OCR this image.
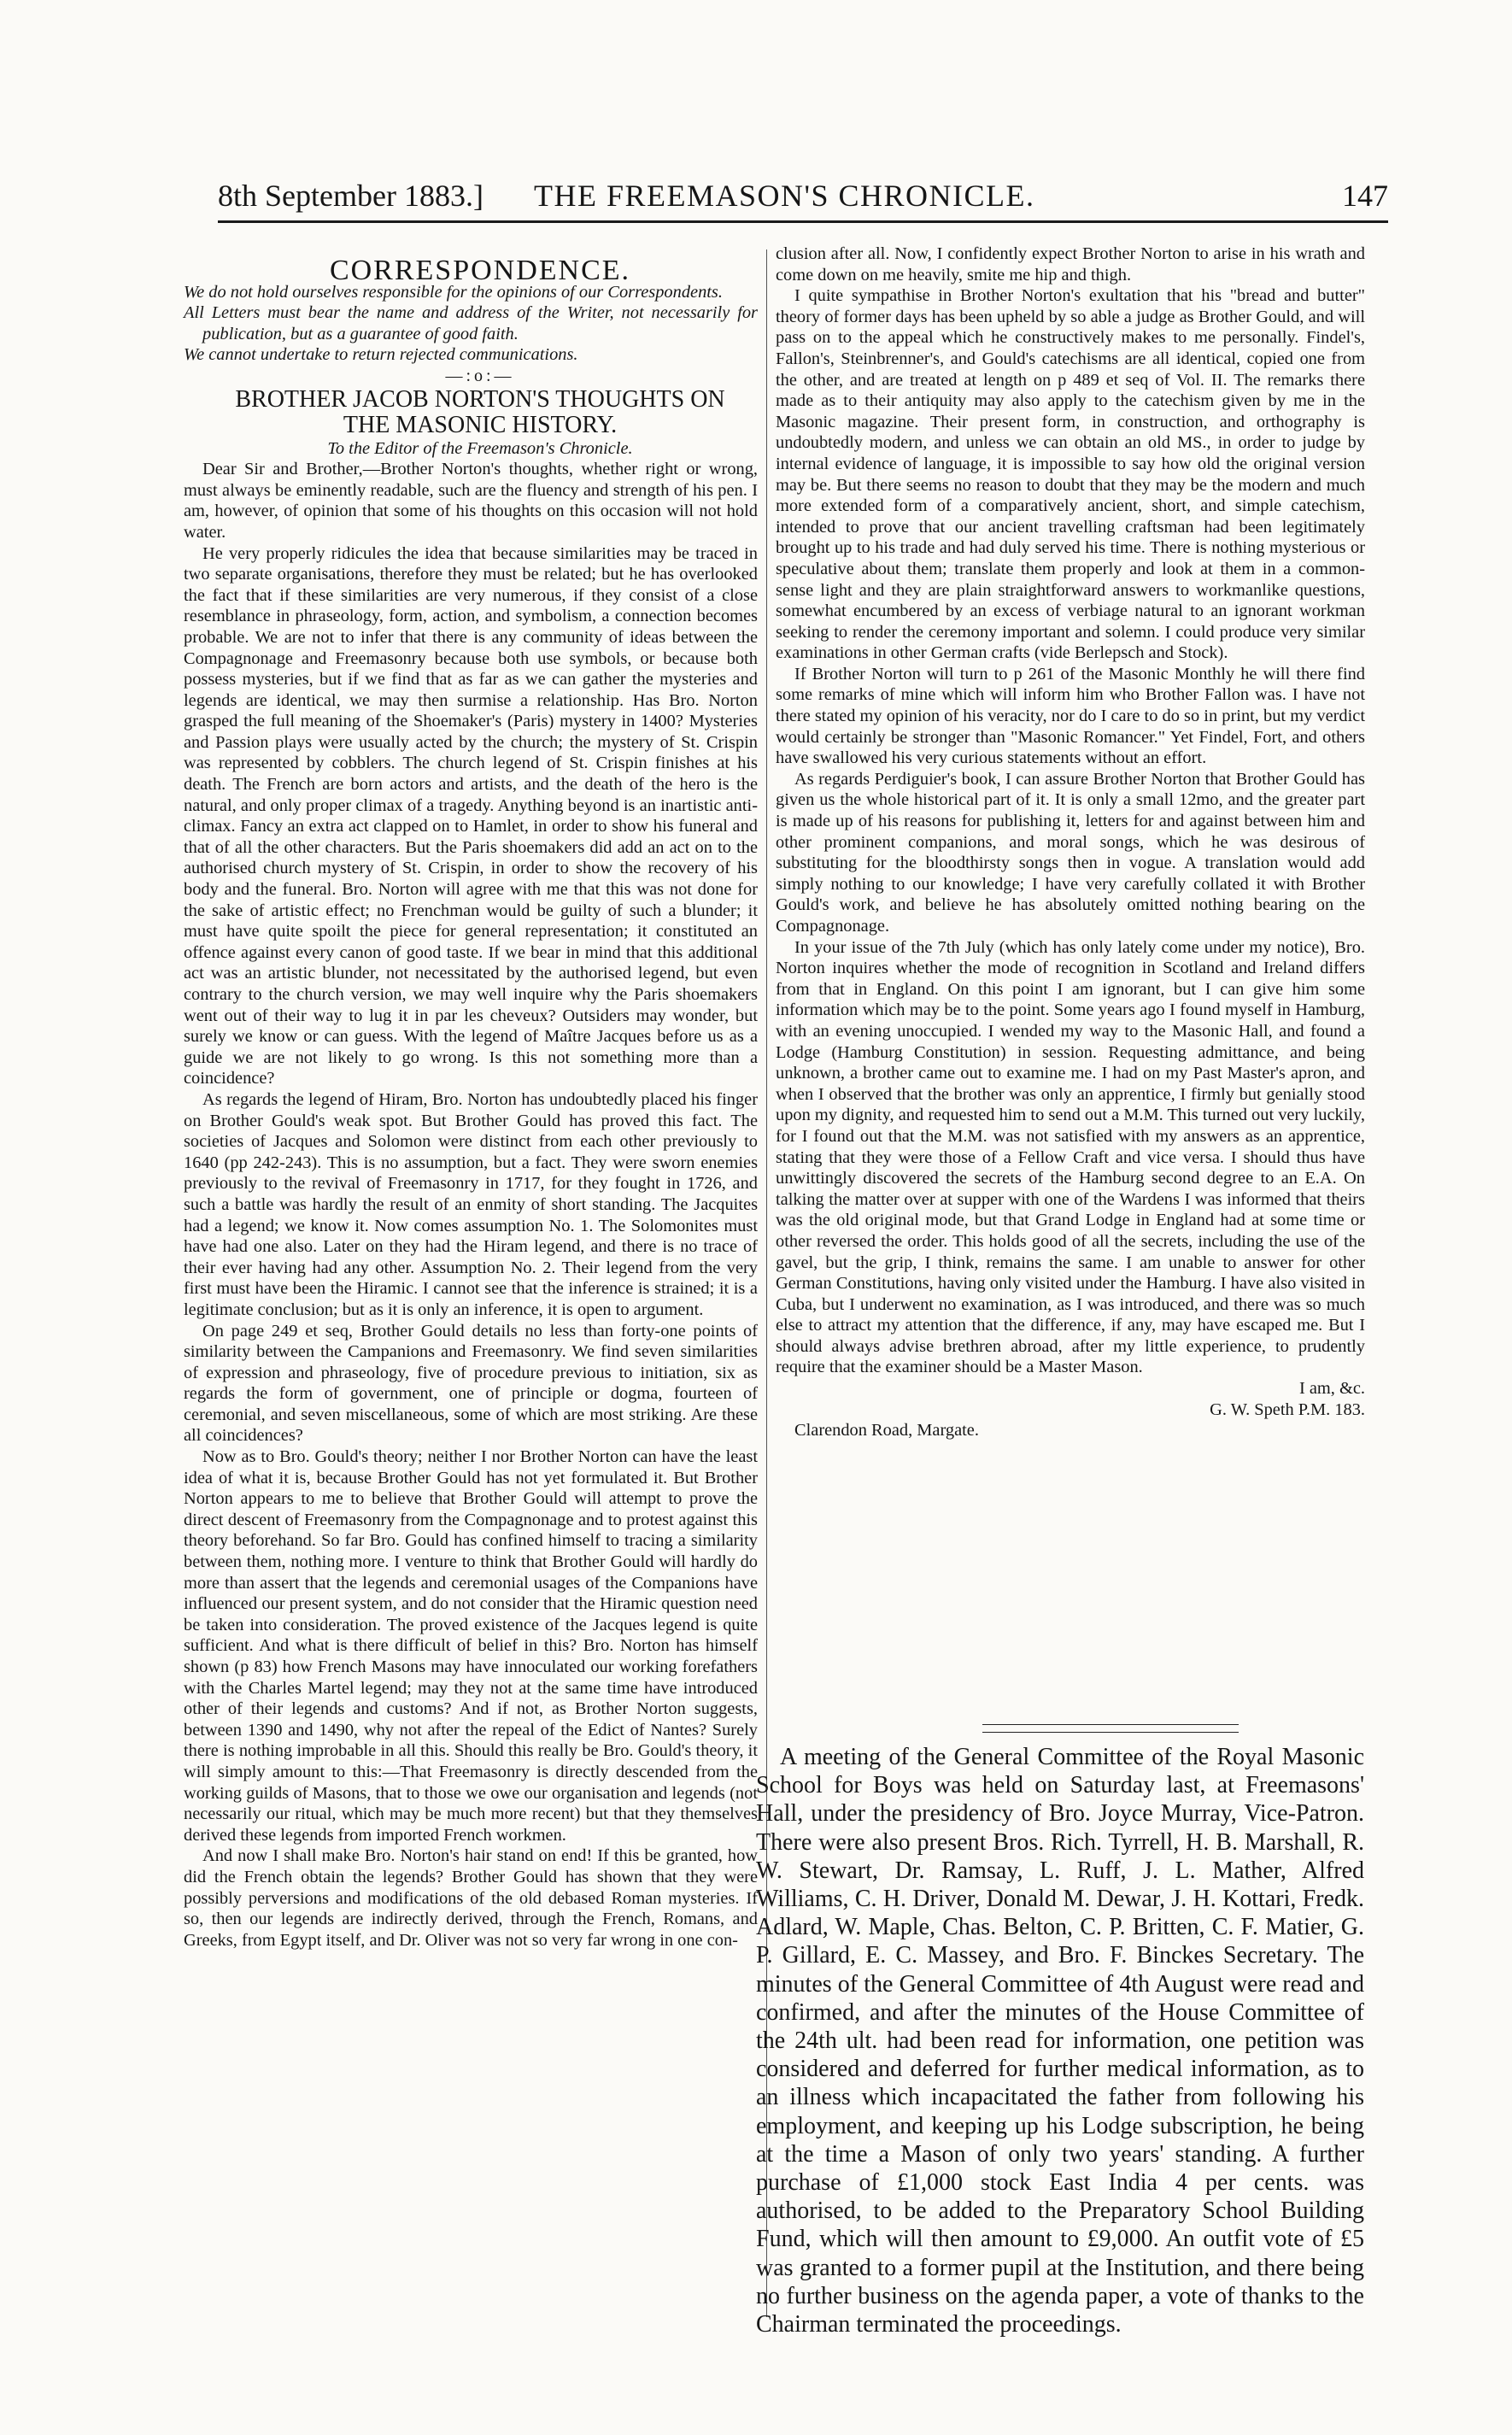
8th September 1883.] THE FREEMASON'S CHRONICLE.	147

CORRESPONDENCE.

We do not hold ourselves responsible for the opinions of our Correspondents.

All Letters must bear the name and address of the Writer, not necessarily for publication, but as a guarantee of good faith.

We cannot undertake to return rejected communications.

—:o:—

BROTHER JACOB NORTON'S THOUGHTS ON

THE MASONIC HISTORY.

To the Editor of the Freemason's Chronicle.

Dear Sir and Brother,—Brother Norton's thoughts, whether right or wrong, must always be eminently readable, such are the fluency and strength of his pen. I am, however, of opinion that some of his thoughts on this occasion will not hold water.

He very properly ridicules the idea that because similarities may be traced in two separate organisations, therefore they must be related; but he has overlooked the fact that if these similarities are very numerous, if they consist of a close resemblance in phraseology, form, action, and symbolism, a connection becomes probable. We are not to infer that there is any community of ideas between the Compagnonage and Freemasonry because both use symbols, or because both possess mysteries, but if we find that as far as we can gather the mysteries and legends are identical, we may then surmise a relationship. Has Bro. Norton grasped the full meaning of the Shoemaker's (Paris) mystery in 1400? Mysteries and Passion plays were usually acted by the church; the mystery of St. Crispin was represented by cobblers. The church legend of St. Crispin finishes at his death. The French are born actors and artists, and the death of the hero is the natural, and only proper climax of a tragedy. Anything beyond is an inartistic anti-climax. Fancy an extra act clapped on to Hamlet, in order to show his funeral and that of all the other characters. But the Paris shoemakers did add an act on to the authorised church mystery of St. Crispin, in order to show the recovery of his body and the funeral. Bro. Norton will agree with me that this was not done for the sake of artistic effect; no Frenchman would be guilty of such a blunder; it must have quite spoilt the piece for general representation; it constituted an offence against every canon of good taste. If we bear in mind that this additional act was an artistic blunder, not necessitated by the authorised legend, but even contrary to the church version, we may well inquire why the Paris shoemakers went out of their way to lug it in par les cheveux? Outsiders may wonder, but surely we know or can guess. With the legend of Maître Jacques before us as a guide we are not likely to go wrong. Is this not something more than a coincidence?

As regards the legend of Hiram, Bro. Norton has undoubtedly placed his finger on Brother Gould's weak spot. But Brother Gould has proved this fact. The societies of Jacques and Solomon were distinct from each other previously to 1640 (pp 242-243). This is no assumption, but a fact. They were sworn enemies previously to the revival of Freemasonry in 1717, for they fought in 1726, and such a battle was hardly the result of an enmity of short standing. The Jacquites had a legend; we know it. Now comes assumption No. 1. The Solomonites must have had one also. Later on they had the Hiram legend, and there is no trace of their ever having had any other. Assumption No. 2. Their legend from the very first must have been the Hiramic. I cannot see that the inference is strained; it is a legitimate conclusion; but as it is only an inference, it is open to argument.

On page 249 et seq, Brother Gould details no less than forty-one points of similarity between the Campanions and Freemasonry. We find seven similarities of expression and phraseology, five of procedure previous to initiation, six as regards the form of government, one of principle or dogma, fourteen of ceremonial, and seven miscellaneous, some of which are most striking. Are these all coincidences?

Now as to Bro. Gould's theory; neither I nor Brother Norton can have the least idea of what it is, because Brother Gould has not yet formulated it. But Brother Norton appears to me to believe that Brother Gould will attempt to prove the direct descent of Freemasonry from the Compagnonage and to protest against this theory beforehand. So far Bro. Gould has confined himself to tracing a similarity between them, nothing more. I venture to think that Brother Gould will hardly do more than assert that the legends and ceremonial usages of the Companions have influenced our present system, and do not consider that the Hiramic question need be taken into consideration. The proved existence of the Jacques legend is quite sufficient. And what is there difficult of belief in this? Bro. Norton has himself shown (p 83) how French Masons may have innoculated our working forefathers with the Charles Martel legend; may they not at the same time have introduced other of their legends and customs? And if not, as Brother Norton suggests, between 1390 and 1490, why not after the repeal of the Edict of Nantes? Surely there is nothing improbable in all this. Should this really be Bro. Gould's theory, it will simply amount to this:—That Freemasonry is directly descended from the working guilds of Masons, that to those we owe our organisation and legends (not necessarily our ritual, which may be much more recent) but that they themselves derived these legends from imported French workmen.

And now I shall make Bro. Norton's hair stand on end! If this be granted, how did the French obtain the legends? Brother Gould has shown that they were possibly perversions and modifications of the old debased Roman mysteries. If so, then our legends are indirectly derived, through the French, Romans, and Greeks, from Egypt itself, and Dr. Oliver was not so very far wrong in one con-

clusion after all. Now, I confidently expect Brother Norton to arise in his wrath and come down on me heavily, smite me hip and thigh.

I quite sympathise in Brother Norton's exultation that his "bread and butter" theory of former days has been upheld by so able a judge as Brother Gould, and will pass on to the appeal which he constructively makes to me personally. Findel's, Fallon's, Steinbrenner's, and Gould's catechisms are all identical, copied one from the other, and are treated at length on p 489 et seq of Vol. II. The remarks there made as to their antiquity may also apply to the catechism given by me in the Masonic magazine. Their present form, in construction, and orthography is undoubtedly modern, and unless we can obtain an old MS., in order to judge by internal evidence of language, it is impossible to say how old the original version may be. But there seems no reason to doubt that they may be the modern and much more extended form of a comparatively ancient, short, and simple catechism, intended to prove that our ancient travelling craftsman had been legitimately brought up to his trade and had duly served his time. There is nothing mysterious or speculative about them; translate them properly and look at them in a common-sense light and they are plain straightforward answers to workmanlike questions, somewhat encumbered by an excess of verbiage natural to an ignorant workman seeking to render the ceremony important and solemn. I could produce very similar examinations in other German crafts (vide Berlepsch and Stock).

If Brother Norton will turn to p 261 of the Masonic Monthly he will there find some remarks of mine which will inform him who Brother Fallon was. I have not there stated my opinion of his veracity, nor do I care to do so in print, but my verdict would certainly be stronger than "Masonic Romancer." Yet Findel, Fort, and others have swallowed his very curious statements without an effort.

As regards Perdiguier's book, I can assure Brother Norton that Brother Gould has given us the whole historical part of it. It is only a small 12mo, and the greater part is made up of his reasons for publishing it, letters for and against between him and other prominent companions, and moral songs, which he was desirous of substituting for the bloodthirsty songs then in vogue. A translation would add simply nothing to our knowledge; I have very carefully collated it with Brother Gould's work, and believe he has absolutely omitted nothing bearing on the Compagnonage.

In your issue of the 7th July (which has only lately come under my notice), Bro. Norton inquires whether the mode of recognition in Scotland and Ireland differs from that in England. On this point I am ignorant, but I can give him some information which may be to the point. Some years ago I found myself in Hamburg, with an evening unoccupied. I wended my way to the Masonic Hall, and found a Lodge (Hamburg Constitution) in session. Requesting admittance, and being unknown, a brother came out to examine me. I had on my Past Master's apron, and when I observed that the brother was only an apprentice, I firmly but genially stood upon my dignity, and requested him to send out a M.M. This turned out very luckily, for I found out that the M.M. was not satisfied with my answers as an apprentice, stating that they were those of a Fellow Craft and vice versa. I should thus have unwittingly discovered the secrets of the Hamburg second degree to an E.A. On talking the matter over at supper with one of the Wardens I was informed that theirs was the old original mode, but that Grand Lodge in England had at some time or other reversed the order. This holds good of all the secrets, including the use of the gavel, but the grip, I think, remains the same. I am unable to answer for other German Constitutions, having only visited under the Hamburg. I have also visited in Cuba, but I underwent no examination, as I was introduced, and there was so much else to attract my attention that the difference, if any, may have escaped me. But I should always advise brethren abroad, after my little experience, to prudently require that the examiner should be a Master Mason.

I am, &c.

G. W. Speth P.M. 183.

Clarendon Road, Margate.

A meeting of the General Committee of the Royal Masonic School for Boys was held on Saturday last, at Freemasons' Hall, under the presidency of Bro. Joyce Murray, Vice-Patron. There were also present Bros. Rich. Tyrrell, H. B. Marshall, R. W. Stewart, Dr. Ramsay, L. Ruff, J. L. Mather, Alfred Williams, C. H. Driver, Donald M. Dewar, J. H. Kottari, Fredk. Adlard, W. Maple, Chas. Belton, C. P. Britten, C. F. Matier, G. P. Gillard, E. C. Massey, and Bro. F. Binckes Secretary. The minutes of the General Committee of 4th August were read and confirmed, and after the minutes of the House Committee of the 24th ult. had been read for information, one petition was considered and deferred for further medical information, as to an illness which incapacitated the father from following his employment, and keeping up his Lodge subscription, he being at the time a Mason of only two years' standing. A further purchase of £1,000 stock East India 4 per cents. was authorised, to be added to the Preparatory School Building Fund, which will then amount to £9,000. An outfit vote of £5 was granted to a former pupil at the Institution, and there being no further business on the agenda paper, a vote of thanks to the Chairman terminated the proceedings.
